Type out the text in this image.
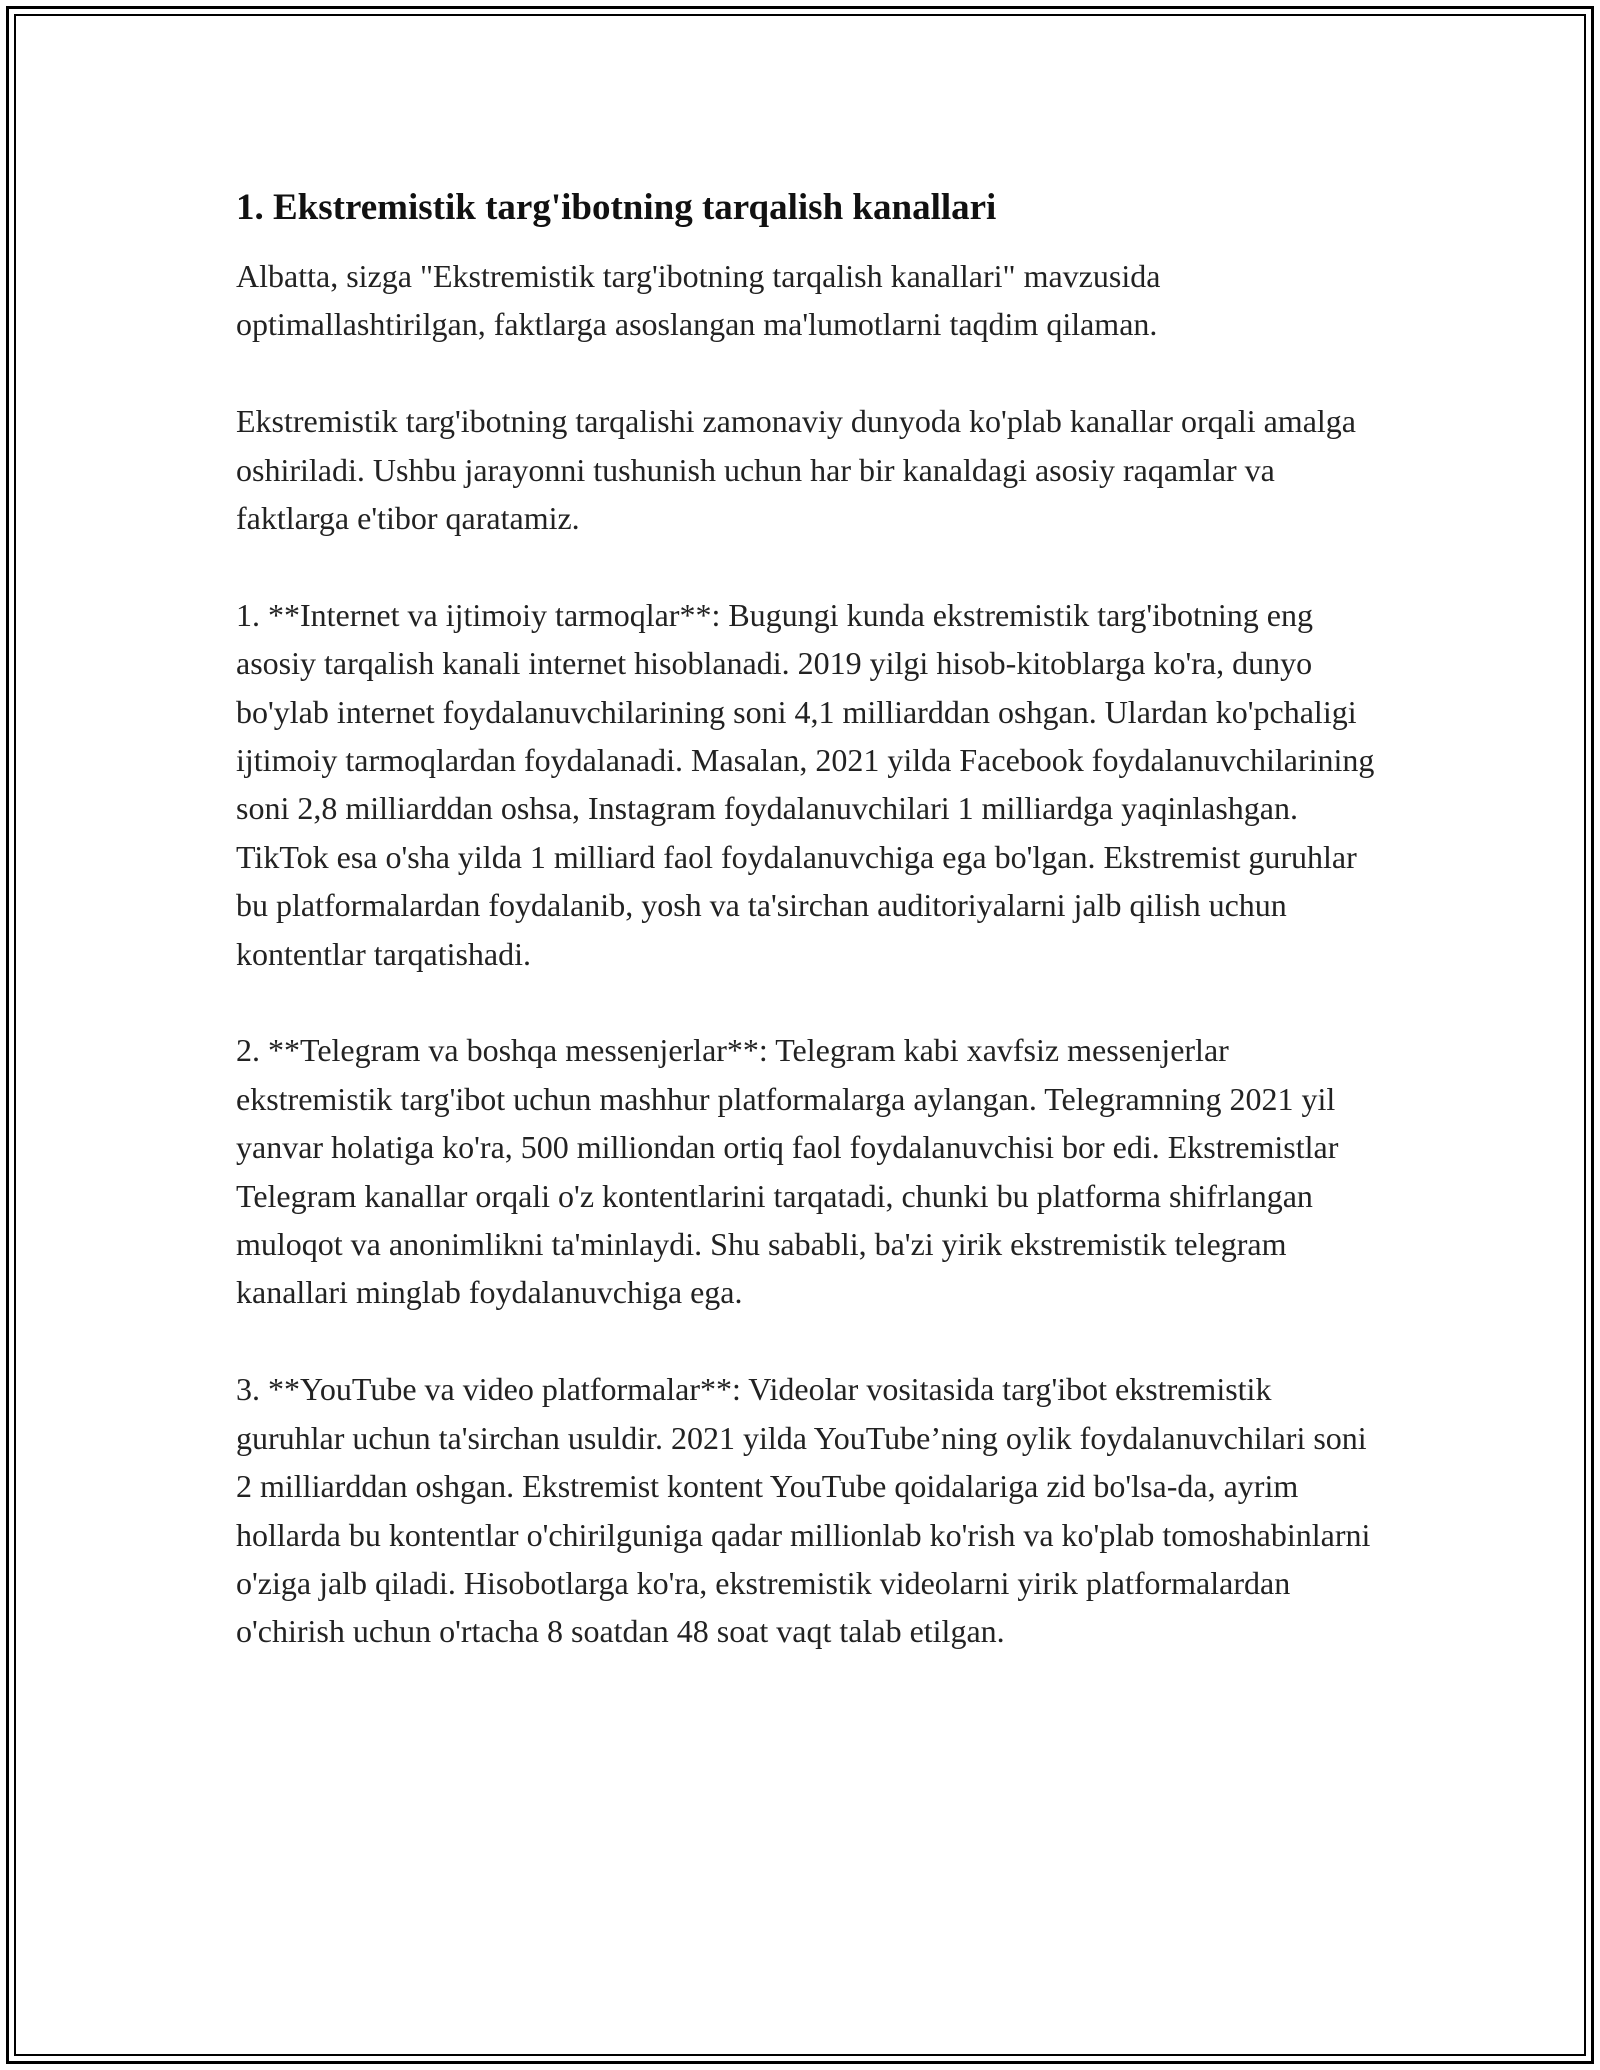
1. Ekstremistik targ'ibotning tarqalish kanallari

Albatta, sizga "Ekstremistik targ'ibotning tarqalish kanallari" mavzusida optimallashtirilgan, faktlarga asoslangan ma'lumotlarni taqdim qilaman.

Ekstremistik targ'ibotning tarqalishi zamonaviy dunyoda ko'plab kanallar orqali amalga oshiriladi. Ushbu jarayonni tushunish uchun har bir kanaldagi asosiy raqamlar va faktlarga e'tibor qaratamiz.

1. **Internet va ijtimoiy tarmoqlar**: Bugungi kunda ekstremistik targ'ibotning eng asosiy tarqalish kanali internet hisoblanadi. 2019 yilgi hisob-kitoblarga ko'ra, dunyo bo'ylab internet foydalanuvchilarining soni 4,1 milliarddan oshgan. Ulardan ko'pchaligi ijtimoiy tarmoqlardan foydalanadi. Masalan, 2021 yilda Facebook foydalanuvchilarining soni 2,8 milliarddan oshsa, Instagram foydalanuvchilari 1 milliardga yaqinlashgan. TikTok esa o'sha yilda 1 milliard faol foydalanuvchiga ega bo'lgan. Ekstremist guruhlar bu platformalardan foydalanib, yosh va ta'sirchan auditoriyalarni jalb qilish uchun kontentlar tarqatishadi.

2. **Telegram va boshqa messenjerlar**: Telegram kabi xavfsiz messenjerlar ekstremistik targ'ibot uchun mashhur platformalarga aylangan. Telegramning 2021 yil yanvar holatiga ko'ra, 500 milliondan ortiq faol foydalanuvchisi bor edi. Ekstremistlar Telegram kanallar orqali o'z kontentlarini tarqatadi, chunki bu platforma shifrlangan muloqot va anonimlikni ta'minlaydi. Shu sababli, ba'zi yirik ekstremistik telegram kanallari minglab foydalanuvchiga ega.

3. **YouTube va video platformalar**: Videolar vositasida targ'ibot ekstremistik guruhlar uchun ta'sirchan usuldir. 2021 yilda YouTube’ning oylik foydalanuvchilari soni 2 milliarddan oshgan. Ekstremist kontent YouTube qoidalariga zid bo'lsa-da, ayrim hollarda bu kontentlar o'chirilguniga qadar millionlab ko'rish va ko'plab tomoshabinlarni o'ziga jalb qiladi. Hisobotlarga ko'ra, ekstremistik videolarni yirik platformalardan o'chirish uchun o'rtacha 8 soatdan 48 soat vaqt talab etilgan.
